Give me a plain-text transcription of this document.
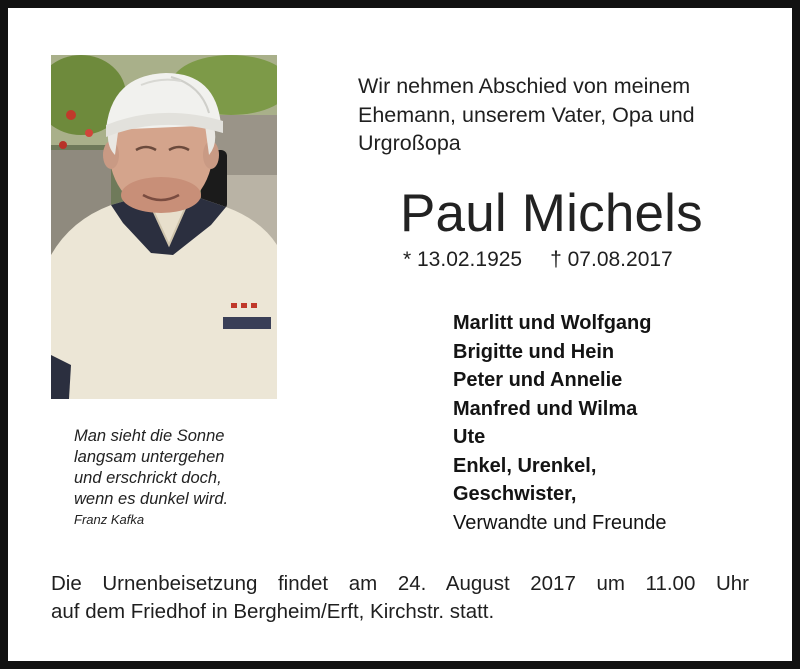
Wir nehmen Abschied von meinem
Ehemann, unserem Vater, Opa und
Urgroßopa
Paul Michels
* 13.02.1925 † 07.08.2017
Marlitt und Wolfgang
Brigitte und Hein
Peter und Annelie
Manfred und Wilma
Ute
Enkel, Urenkel,
Geschwister,
Verwandte und Freunde
Man sieht die Sonne
langsam untergehen
und erschrickt doch,
wenn es dunkel wird.
Franz Kafka
Die Urnenbeisetzung findet am 24. August 2017 um 11.00 Uhr
auf dem Friedhof in Bergheim/Erft, Kirchstr. statt.
